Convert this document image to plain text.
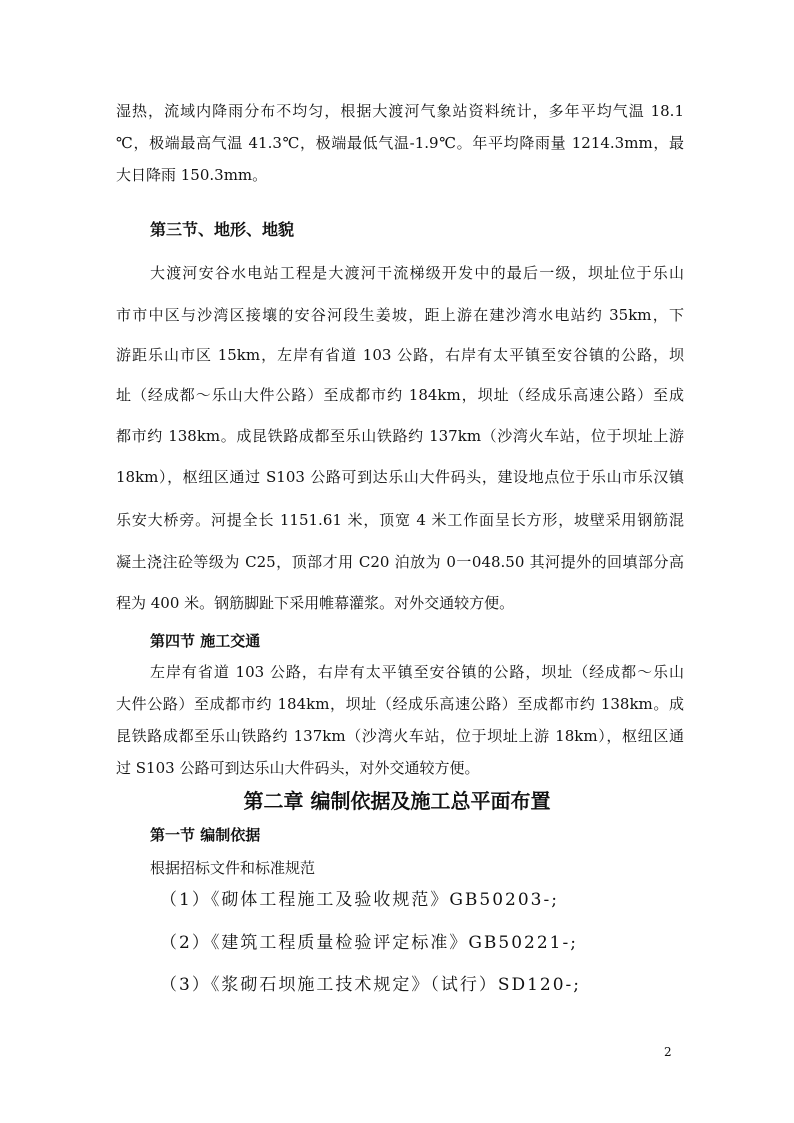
湿热，流域内降雨分布不均匀，根据大渡河气象站资料统计，多年平均气温 18.1
℃，极端最高气温 41.3℃，极端最低气温-1.9℃。年平均降雨量 1214.3mm，最
大日降雨 150.3mm。
第三节、地形、地貌
大渡河安谷水电站工程是大渡河干流梯级开发中的最后一级，坝址位于乐山
市市中区与沙湾区接壤的安谷河段生姜坡，距上游在建沙湾水电站约 35km，下
游距乐山市区 15km，左岸有省道 103 公路，右岸有太平镇至安谷镇的公路，坝
址（经成都～乐山大件公路）至成都市约 184km，坝址（经成乐高速公路）至成
都市约 138km。成昆铁路成都至乐山铁路约 137km（沙湾火车站，位于坝址上游
18km），枢纽区通过 S103 公路可到达乐山大件码头，建设地点位于乐山市乐汉镇
乐安大桥旁。河提全长 1151.61 米，顶宽 4 米工作面呈长方形，坡壁采用钢筋混
凝土浇注砼等级为 C25，顶部才用 C20 泊放为 0一048.50 其河提外的回填部分高
程为 400 米。钢筋脚趾下采用帷幕灌浆。对外交通较方便。
第四节 施工交通
左岸有省道 103 公路，右岸有太平镇至安谷镇的公路，坝址（经成都～乐山
大件公路）至成都市约 184km，坝址（经成乐高速公路）至成都市约 138km。成
昆铁路成都至乐山铁路约 137km（沙湾火车站，位于坝址上游 18km），枢纽区通
过 S103 公路可到达乐山大件码头，对外交通较方便。
第二章 编制依据及施工总平面布置
第一节 编制依据
根据招标文件和标准规范
（1）《砌体工程施工及验收规范》GB50203-;
（2）《建筑工程质量检验评定标准》GB50221-;
（3）《浆砌石坝施工技术规定》（试行）SD120-;
2
